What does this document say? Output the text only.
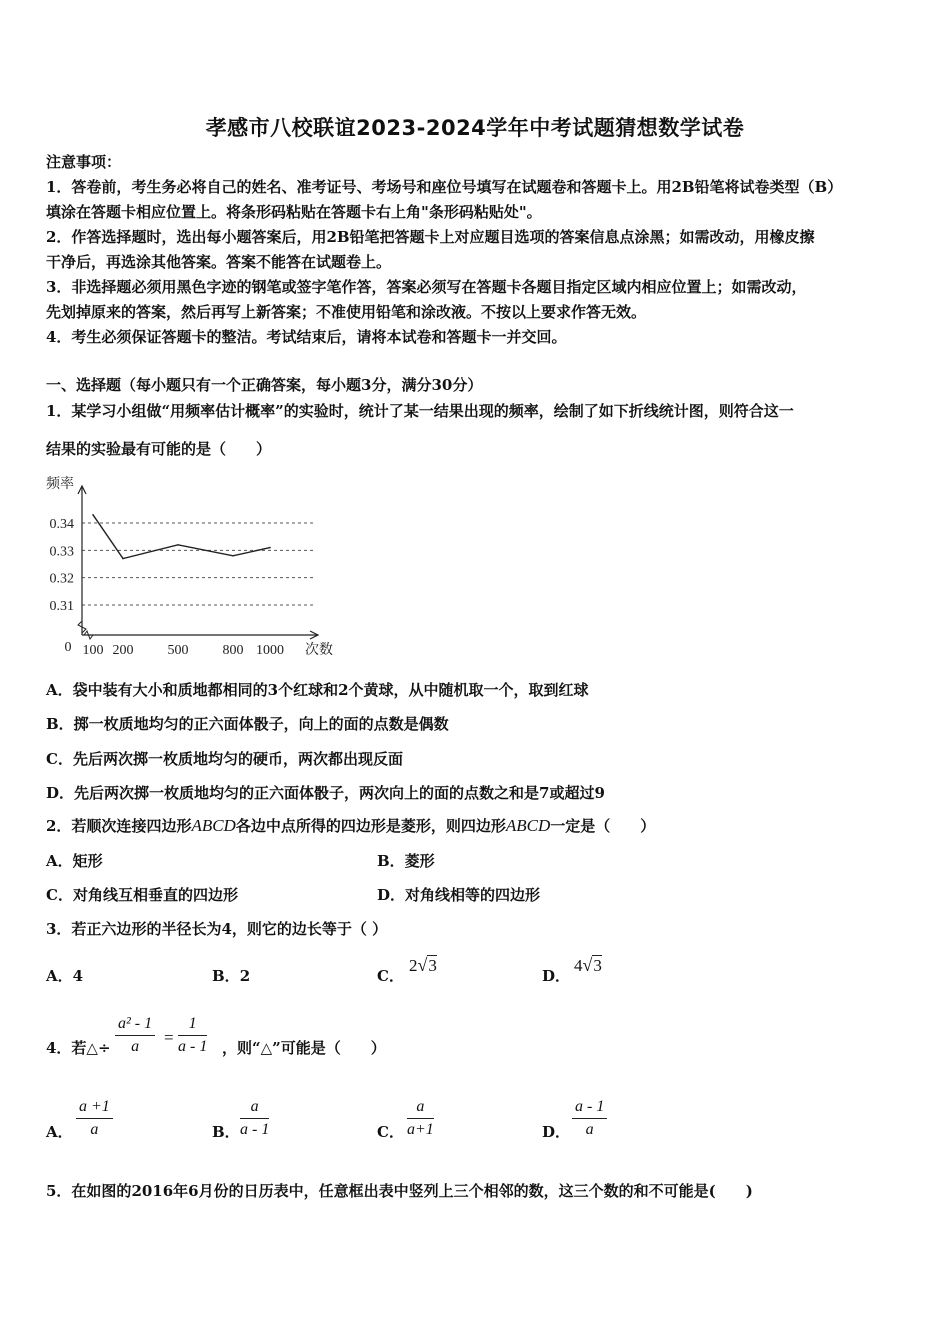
孝感市八校联谊2023-2024学年中考试题猜想数学试卷
注意事项：
1．答卷前，考生务必将自己的姓名、准考证号、考场号和座位号填写在试题卷和答题卡上。用2B铅笔将试卷类型（B）
填涂在答题卡相应位置上。将条形码粘贴在答题卡右上角"条形码粘贴处"。
2．作答选择题时，选出每小题答案后，用2B铅笔把答题卡上对应题目选项的答案信息点涂黑；如需改动，用橡皮擦
干净后，再选涂其他答案。答案不能答在试题卷上。
3．非选择题必须用黑色字迹的钢笔或签字笔作答，答案必须写在答题卡各题目指定区域内相应位置上；如需改动，
先划掉原来的答案，然后再写上新答案；不准使用铅笔和涂改液。不按以上要求作答无效。
4．考生必须保证答题卡的整洁。考试结束后，请将本试卷和答题卡一并交回。
一、选择题（每小题只有一个正确答案，每小题3分，满分30分）
1．某学习小组做“用频率估计概率”的实验时，统计了某一结果出现的频率，绘制了如下折线统计图，则符合这一
结果的实验最有可能的是（　　）
0.31
0.32
0.33
0.34
100 200 500 800 1000
0
频率
次数
A．袋中装有大小和质地都相同的3个红球和2个黄球，从中随机取一个，取到红球
B．掷一枚质地均匀的正六面体骰子，向上的面的点数是偶数
C．先后两次掷一枚质地均匀的硬币，两次都出现反面
D．先后两次掷一枚质地均匀的正六面体骰子，两次向上的面的点数之和是7或超过9
2．若顺次连接四边形ABCD各边中点所得的四边形是菱形，则四边形ABCD一定是（　　）
A．矩形	B．菱形
C．对角线互相垂直的四边形	D．对角线相等的四边形
3．若正六边形的半径长为4，则它的边长等于（ ）
A．4	B．2	C．
2√3
D．
4√3
4．若△÷ $\frac{\text{a² - 1}}{a} = \frac{1}{a - 1}$ ，则“△”可能是（　　）
A． $\frac{a +1}{a}$	B． $\frac{a}{a - 1}$	C． $\frac{a}{a+1}$	D． $\frac{a - 1}{a}$
5．在如图的2016年6月份的日历表中，任意框出表中竖列上三个相邻的数，这三个数的和不可能是(　　)
